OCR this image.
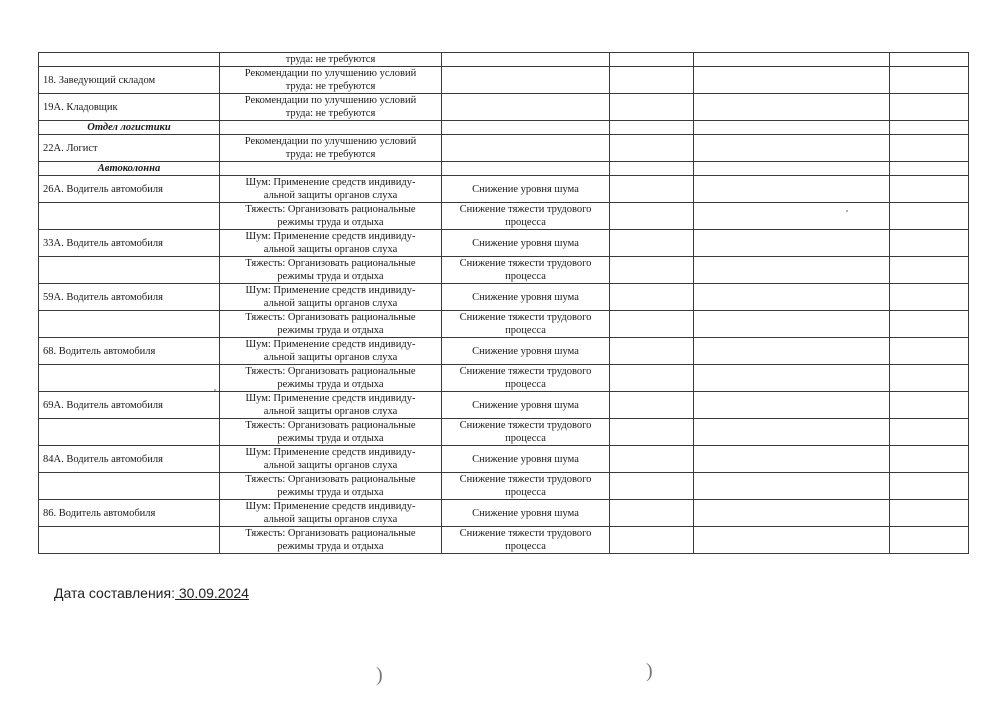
	труда: не требуются				
18. Заведующий складом	Рекомендации по улучшению условий
труда: не требуются				
19А. Кладовщик	Рекомендации по улучшению условий
труда: не требуются				
Отдел логистики					
22А. Логист	Рекомендации по улучшению условий
труда: не требуются				
Автоколонна					
26А. Водитель автомобиля	Шум: Применение средств индивиду-
альной защиты органов слуха	Снижение уровня шума			
	Тяжесть: Организовать рациональные
режимы труда и отдыха	Снижение тяжести трудового
процесса			
33А. Водитель автомобиля	Шум: Применение средств индивиду-
альной защиты органов слуха	Снижение уровня шума			
	Тяжесть: Организовать рациональные
режимы труда и отдыха	Снижение тяжести трудового
процесса			
59А. Водитель автомобиля	Шум: Применение средств индивиду-
альной защиты органов слуха	Снижение уровня шума			
	Тяжесть: Организовать рациональные
режимы труда и отдыха	Снижение тяжести трудового
процесса			
68. Водитель автомобиля	Шум: Применение средств индивиду-
альной защиты органов слуха	Снижение уровня шума			
	Тяжесть: Организовать рациональные
режимы труда и отдыха	Снижение тяжести трудового
процесса			
69А. Водитель автомобиля	Шум: Применение средств индивиду-
альной защиты органов слуха	Снижение уровня шума			
	Тяжесть: Организовать рациональные
режимы труда и отдыха	Снижение тяжести трудового
процесса			
84А. Водитель автомобиля	Шум: Применение средств индивиду-
альной защиты органов слуха	Снижение уровня шума			
	Тяжесть: Организовать рациональные
режимы труда и отдыха	Снижение тяжести трудового
процесса			
86. Водитель автомобиля	Шум: Применение средств индивиду-
альной защиты органов слуха	Снижение уровня шума			
	Тяжесть: Организовать рациональные
режимы труда и отдыха	Снижение тяжести трудового
процесса			
Дата составления: 30.09.2024
)	)
